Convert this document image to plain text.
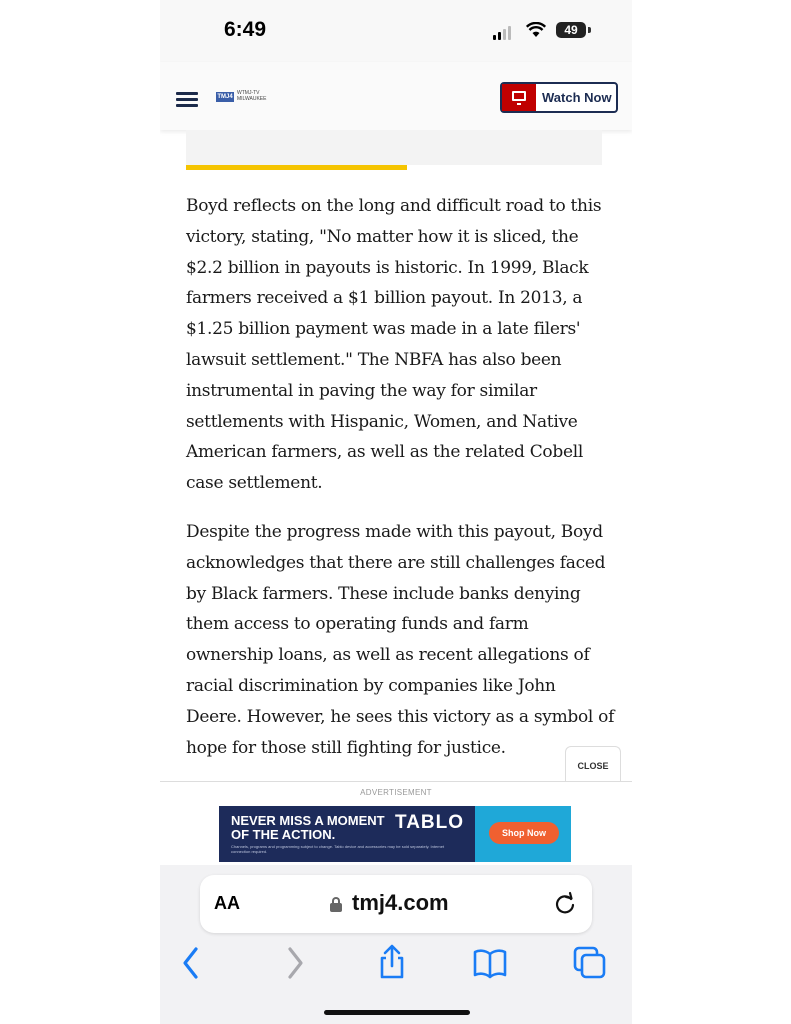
6:49	49
TMJ4
WTMJ-TV MILWAUKEE	Watch Now

Boyd reflects on the long and difficult road to this victory, stating, "No matter how it is sliced, the $2.2 billion in payouts is historic. In 1999, Black farmers received a $1 billion payout. In 2013, a $1.25 billion payment was made in a late filers' lawsuit settlement." The NBFA has also been instrumental in paving the way for similar settlements with Hispanic, Women, and Native American farmers, as well as the related Cobell case settlement.

Despite the progress made with this payout, Boyd acknowledges that there are still challenges faced by Black farmers. These include banks denying them access to operating funds and farm ownership loans, as well as recent allegations of racial discrimination by companies like John Deere. However, he sees this victory as a symbol of hope for those still fighting for justice.

CLOSE
ADVERTISEMENT
NEVER MISS A MOMENT OF THE ACTION.
TABLO
Channels, programs and programming subject to change. Tablo device and accessories may be sold separately. Internet connection required.
Shop Now
AA	tmj4.com
